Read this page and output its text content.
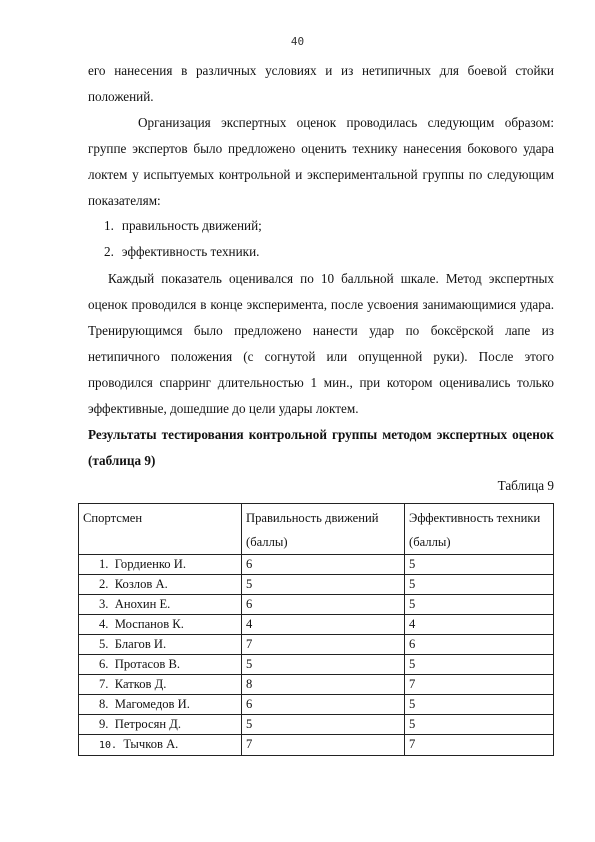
40
его нанесения в различных условиях и из нетипичных для боевой стойки положений.
Организация экспертных оценок проводилась следующим образом: группе экспертов было предложено оценить технику нанесения бокового удара локтем у испытуемых контрольной и экспериментальной группы по следующим показателям:
1. правильность движений;
2. эффективность техники.
Каждый показатель оценивался по 10 балльной шкале. Метод экспертных оценок проводился в конце эксперимента, после усвоения занимающимися удара. Тренирующимся было предложено нанести удар по боксёрской лапе из нетипичного положения (с согнутой или опущенной руки). После этого проводился спарринг длительностью 1 мин., при котором оценивались только эффективные, дошедшие до цели удары локтем.
Результаты тестирования контрольной группы методом экспертных оценок (таблица 9)
Таблица 9
Спортсмен	Правильность движений (баллы)	Эффективность техники (баллы)
1. Гордиенко И.	6	5
2. Козлов А.	5	5
3. Анохин Е.	6	5
4. Моспанов К.	4	4
5. Благов И.	7	6
6. Протасов В.	5	5
7. Катков Д.	8	7
8. Магомедов И.	6	5
9. Петросян Д.	5	5
10. Тычков А.	7	7
